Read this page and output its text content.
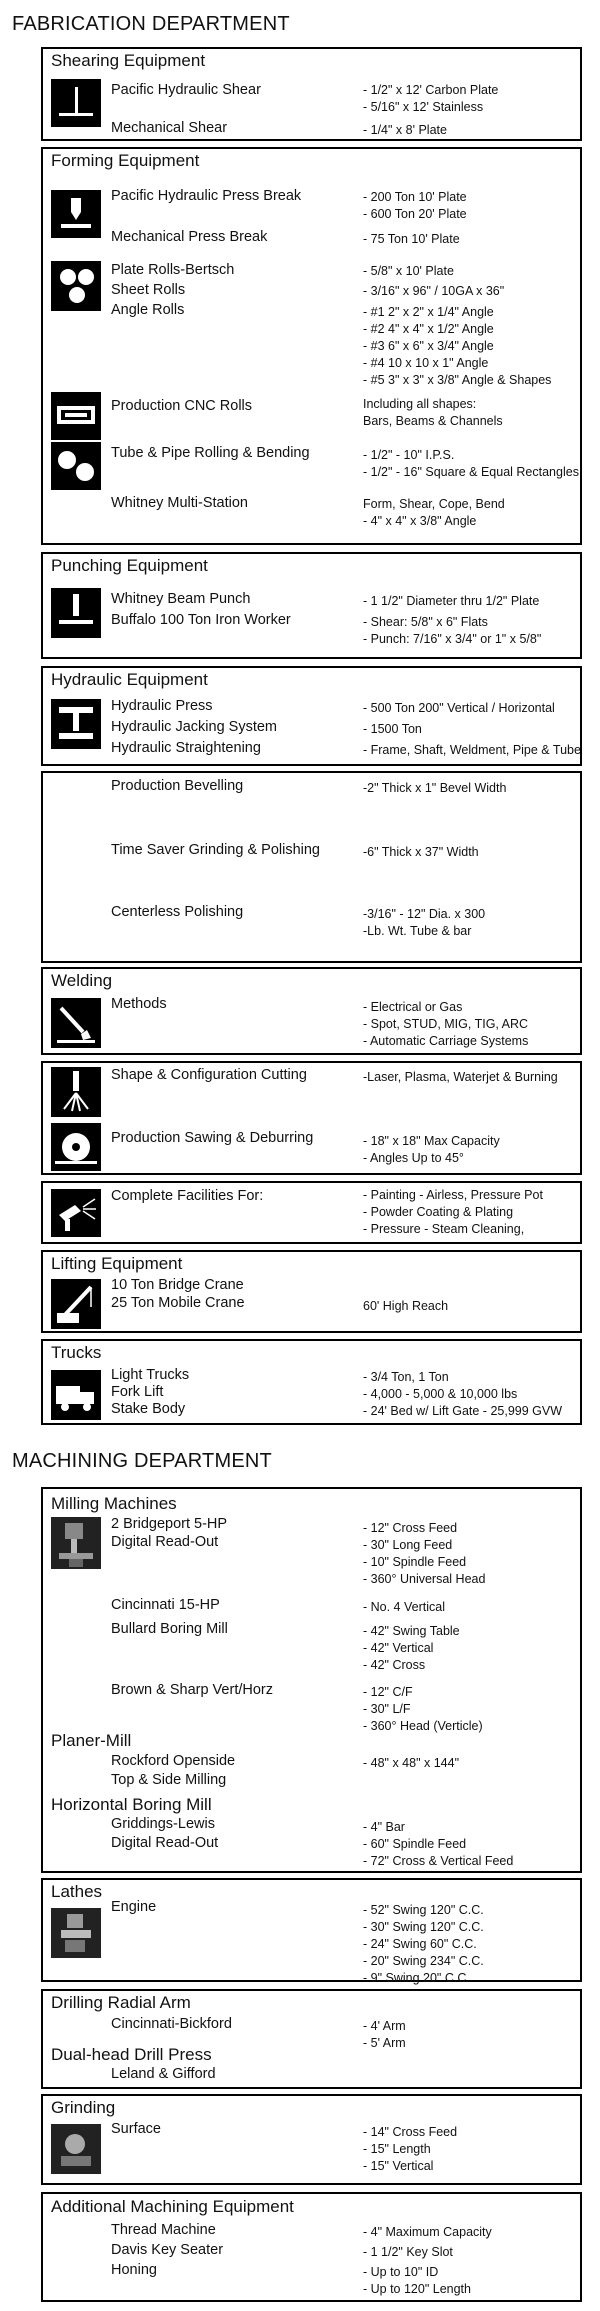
FABRICATION DEPARTMENT
Shearing Equipment
Pacific Hydraulic Shear	- 1/2" x 12' Carbon Plate
- 5/16" x 12' Stainless
Mechanical Shear	- 1/4" x 8' Plate
Forming Equipment
Pacific Hydraulic Press Break	- 200 Ton 10' Plate
- 600 Ton 20' Plate
Mechanical Press Break	- 75 Ton 10' Plate
Plate Rolls-Bertsch	- 5/8" x 10' Plate
Sheet Rolls	- 3/16" x 96" / 10GA x 36"
Angle Rolls	- #1 2" x 2" x 1/4" Angle
- #2 4" x 4" x 1/2" Angle
- #3 6" x 6" x 3/4" Angle
- #4 10 x 10 x 1" Angle
- #5 3" x 3" x 3/8" Angle & Shapes
Production CNC Rolls	Including all shapes:
Bars, Beams & Channels
Tube & Pipe Rolling & Bending	- 1/2" - 10" I.P.S.
- 1/2" - 16" Square & Equal Rectangles
Whitney Multi-Station	Form, Shear, Cope, Bend
- 4" x 4" x 3/8" Angle
Punching Equipment
Whitney Beam Punch	- 1 1/2" Diameter thru 1/2" Plate
Buffalo 100 Ton Iron Worker	- Shear: 5/8" x 6" Flats
- Punch: 7/16" x 3/4" or 1" x 5/8"
Hydraulic Equipment
Hydraulic Press	- 500 Ton 200" Vertical / Horizontal
Hydraulic Jacking System	- 1500 Ton
Hydraulic Straightening	- Frame, Shaft, Weldment, Pipe & Tube
Production Bevelling	-2" Thick x 1" Bevel Width
Time Saver Grinding & Polishing	-6" Thick x 37" Width
Centerless Polishing	-3/16" - 12" Dia. x 300
-Lb. Wt. Tube & bar
Welding
Methods	- Electrical or Gas
- Spot, STUD, MIG, TIG, ARC
- Automatic Carriage Systems
Shape & Configuration Cutting	-Laser, Plasma, Waterjet & Burning
Production Sawing & Deburring	- 18" x 18" Max Capacity
- Angles Up to 45°
Complete Facilities For:	- Painting - Airless, Pressure Pot
- Powder Coating & Plating
- Pressure - Steam Cleaning,
Lifting Equipment
10 Ton Bridge Crane
25 Ton Mobile Crane	60' High Reach
Trucks
Light Trucks	- 3/4 Ton, 1 Ton
Fork Lift	- 4,000 - 5,000 & 10,000 lbs
Stake Body	- 24' Bed w/ Lift Gate - 25,999 GVW
MACHINING DEPARTMENT
Milling Machines
2 Bridgeport 5-HP
Digital Read-Out
- 12" Cross Feed
- 30" Long Feed
- 10" Spindle Feed
- 360° Universal Head
Cincinnati 15-HP	- No. 4 Vertical
Bullard Boring Mill	- 42" Swing Table
- 42" Vertical
- 42" Cross
Brown & Sharp Vert/Horz	- 12" C/F
- 30" L/F
- 360° Head (Verticle)
Planer-Mill
Rockford Openside
Top & Side Milling
- 48" x 48" x 144"
Horizontal Boring Mill
Griddings-Lewis
Digital Read-Out
- 4" Bar
- 60" Spindle Feed
- 72" Cross & Vertical Feed
Lathes
Engine	- 52" Swing 120" C.C.
- 30" Swing 120" C.C.
- 24" Swing 60" C.C.
- 20" Swing 234" C.C.
- 9" Swing 20" C.C.
Drilling Radial Arm
Cincinnati-Bickford	- 4' Arm
- 5' Arm
Dual-head Drill Press
Leland & Gifford
Grinding
Surface	- 14" Cross Feed
- 15" Length
- 15" Vertical
Additional Machining Equipment
Thread Machine	- 4" Maximum Capacity
Davis Key Seater	- 1 1/2" Key Slot
Honing	- Up to 10" ID
- Up to 120" Length
